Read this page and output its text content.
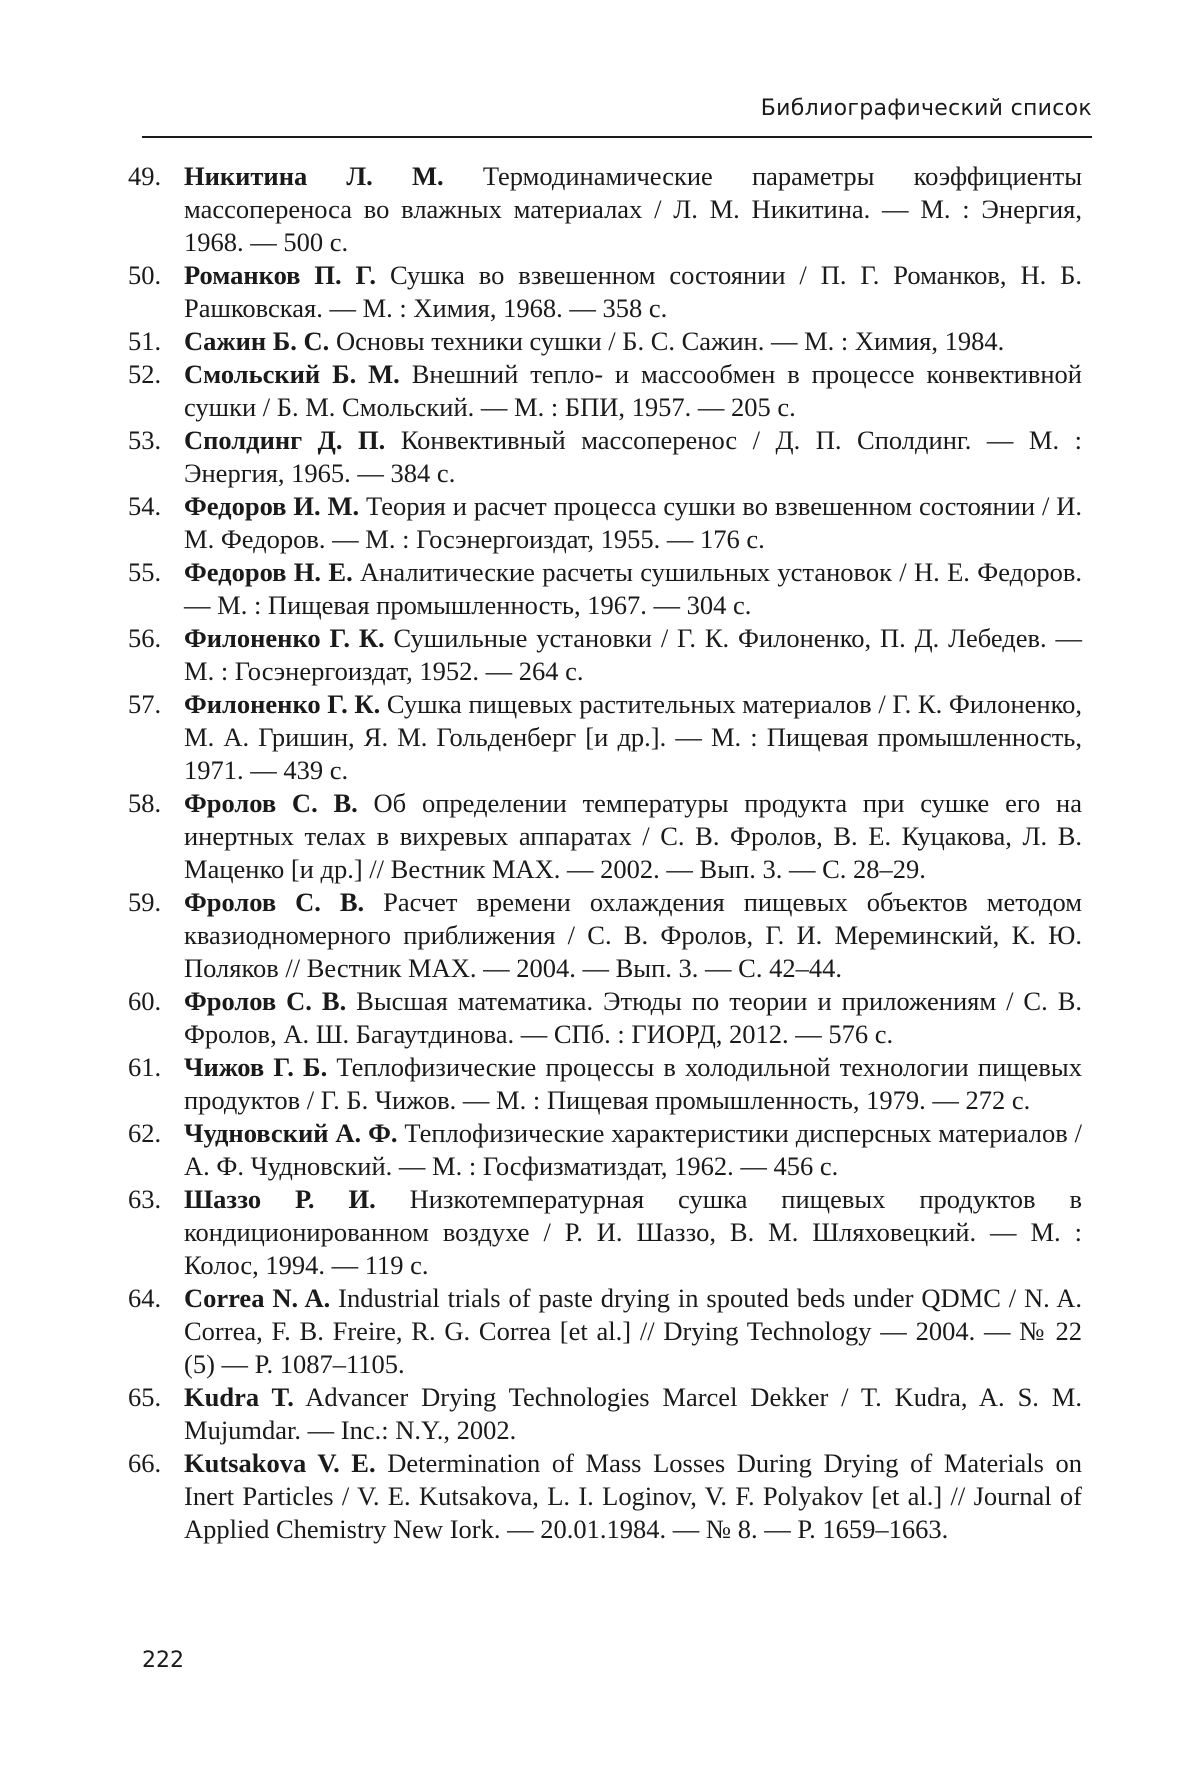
Библиографический список
49. Никитина Л. М. Термодинамические параметры коэффициенты массопереноса во влажных материалах / Л. М. Никитина. — М. : Энергия, 1968. — 500 с.
50. Романков П. Г. Сушка во взвешенном состоянии / П. Г. Романков, Н. Б. Рашковская. — М. : Химия, 1968. — 358 с.
51. Сажин Б. С. Основы техники сушки / Б. С. Сажин. — М. : Химия, 1984.
52. Смольский Б. М. Внешний тепло- и массообмен в процессе конвективной сушки / Б. М. Смольский. — М. : БПИ, 1957. — 205 с.
53. Сполдинг Д. П. Конвективный массоперенос / Д. П. Сполдинг. — М. : Энергия, 1965. — 384 с.
54. Федоров И. М. Теория и расчет процесса сушки во взвешенном состоянии / И. М. Федоров. — М. : Госэнергоиздат, 1955. — 176 с.
55. Федоров Н. Е. Аналитические расчеты сушильных установок / Н. Е. Федоров. — М. : Пищевая промышленность, 1967. — 304 с.
56. Филоненко Г. К. Сушильные установки / Г. К. Филоненко, П. Д. Лебедев. — М. : Госэнергоиздат, 1952. — 264 с.
57. Филоненко Г. К. Сушка пищевых растительных материалов / Г. К. Филоненко, М. А. Гришин, Я. М. Гольденберг [и др.]. — М. : Пищевая промышленность, 1971. — 439 с.
58. Фролов С. В. Об определении температуры продукта при сушке его на инертных телах в вихревых аппаратах / С. В. Фролов, В. Е. Куцакова, Л. В. Маценко [и др.] // Вестник МАХ. — 2002. — Вып. 3. — С. 28–29.
59. Фролов С. В. Расчет времени охлаждения пищевых объектов методом квазиодномерного приближения / С. В. Фролов, Г. И. Мереминский, К. Ю. Поляков // Вестник МАХ. — 2004. — Вып. 3. — С. 42–44.
60. Фролов С. В. Высшая математика. Этюды по теории и приложениям / С. В. Фролов, А. Ш. Багаутдинова. — СПб. : ГИОРД, 2012. — 576 с.
61. Чижов Г. Б. Теплофизические процессы в холодильной технологии пищевых продуктов / Г. Б. Чижов. — М. : Пищевая промышленность, 1979. — 272 с.
62. Чудновский А. Ф. Теплофизические характеристики дисперсных материалов / А. Ф. Чудновский. — М. : Госфизматиздат, 1962. — 456 с.
63. Шаззо Р. И. Низкотемпературная сушка пищевых продуктов в кондиционированном воздухе / Р. И. Шаззо, В. М. Шляховецкий. — М. : Колос, 1994. — 119 с.
64. Correa N. A. Industrial trials of paste drying in spouted beds under QDMC / N. A. Correa, F. B. Freire, R. G. Correa [et al.] // Drying Technology — 2004. — № 22 (5) — P. 1087–1105.
65. Kudra T. Advancer Drying Technologies Marcel Dekker / T. Kudra, A. S. M. Mujumdar. — Inc.: N.Y., 2002.
66. Kutsakova V. E. Determination of Mass Losses During Drying of Materials on Inert Particles / V. E. Kutsakova, L. I. Loginov, V. F. Polyakov [et al.] // Journal of Applied Chemistry New Iork. — 20.01.1984. — № 8. — P. 1659–1663.
222
